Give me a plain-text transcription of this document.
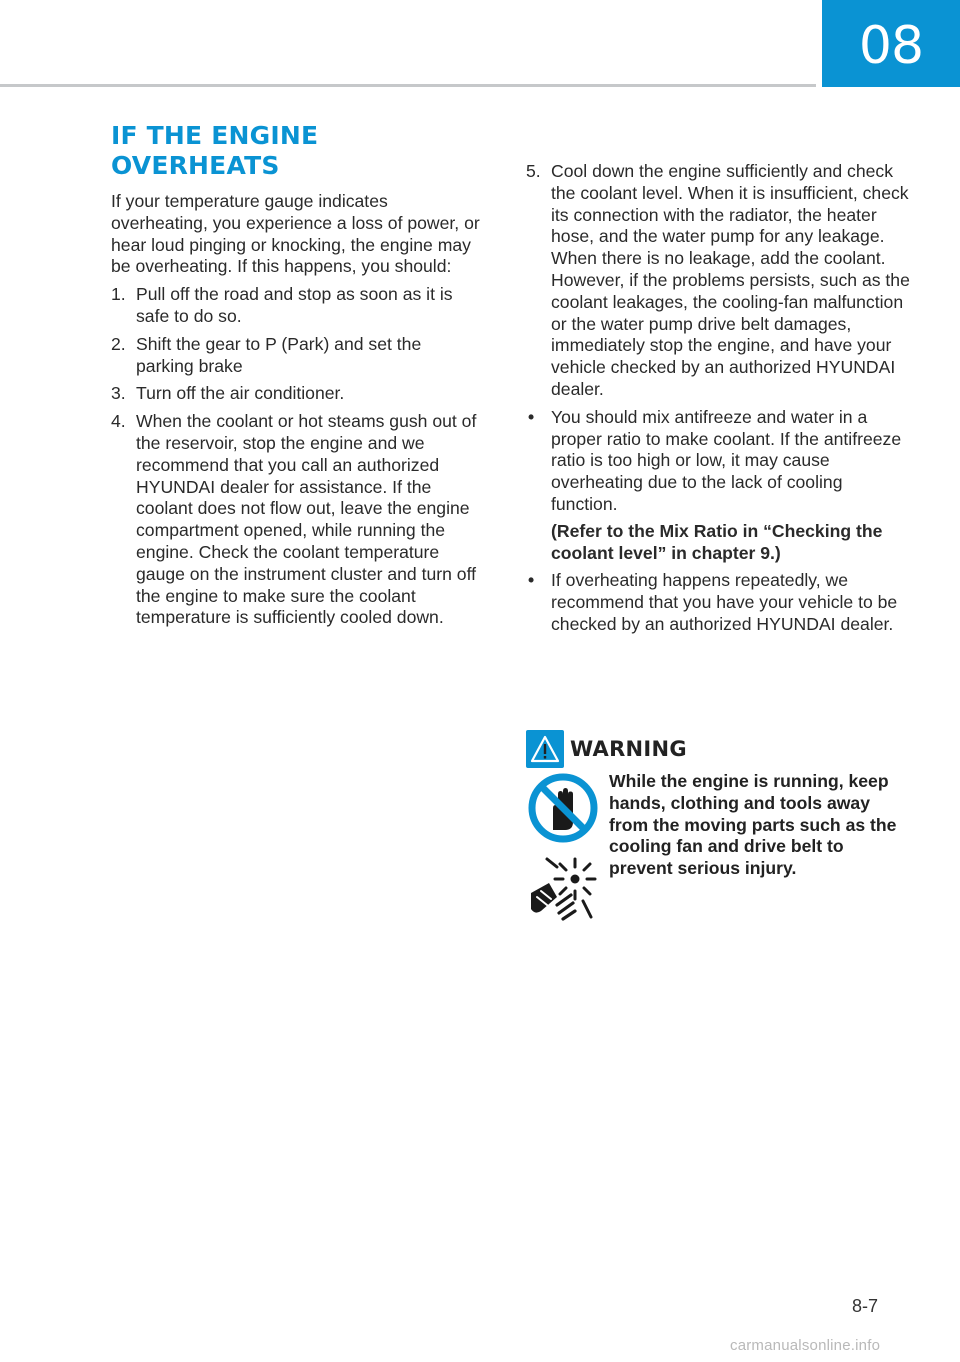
08
IF THE ENGINE OVERHEATS

If your temperature gauge indicates overheating, you experience a loss of power, or hear loud pinging or knocking, the engine may be overheating. If this happens, you should:

1. Pull off the road and stop as soon as it is safe to do so.
2. Shift the gear to P (Park) and set the parking brake
3. Turn off the air conditioner.
4. When the coolant or hot steams gush out of the reservoir, stop the engine and we recommend that you call an authorized HYUNDAI dealer for assistance. If the coolant does not flow out, leave the engine compartment opened, while running the engine. Check the coolant temperature gauge on the instrument cluster and turn off the engine to make sure the coolant temperature is sufficiently cooled down.
5. Cool down the engine sufficiently and check the coolant level. When it is insufficient, check its connection with the radiator, the heater hose, and the water pump for any leakage. When there is no leakage, add the coolant. However, if the problems persists, such as the coolant leakages, the cooling-fan malfunction or the water pump drive belt damages, immediately stop the engine, and have your vehicle checked by an authorized HYUNDAI dealer.
• You should mix antifreeze and water in a proper ratio to make coolant. If the antifreeze ratio is too high or low, it may cause overheating due to the lack of cooling function.

(Refer to the Mix Ratio in “Checking the coolant level” in chapter 9.)

• If overheating happens repeatedly, we recommend that you have your vehicle to be checked by an authorized HYUNDAI dealer.
WARNING

While the engine is running, keep hands, clothing and tools away from the moving parts such as the cooling fan and drive belt to prevent serious injury.

8-7
carmanualsonline.info
